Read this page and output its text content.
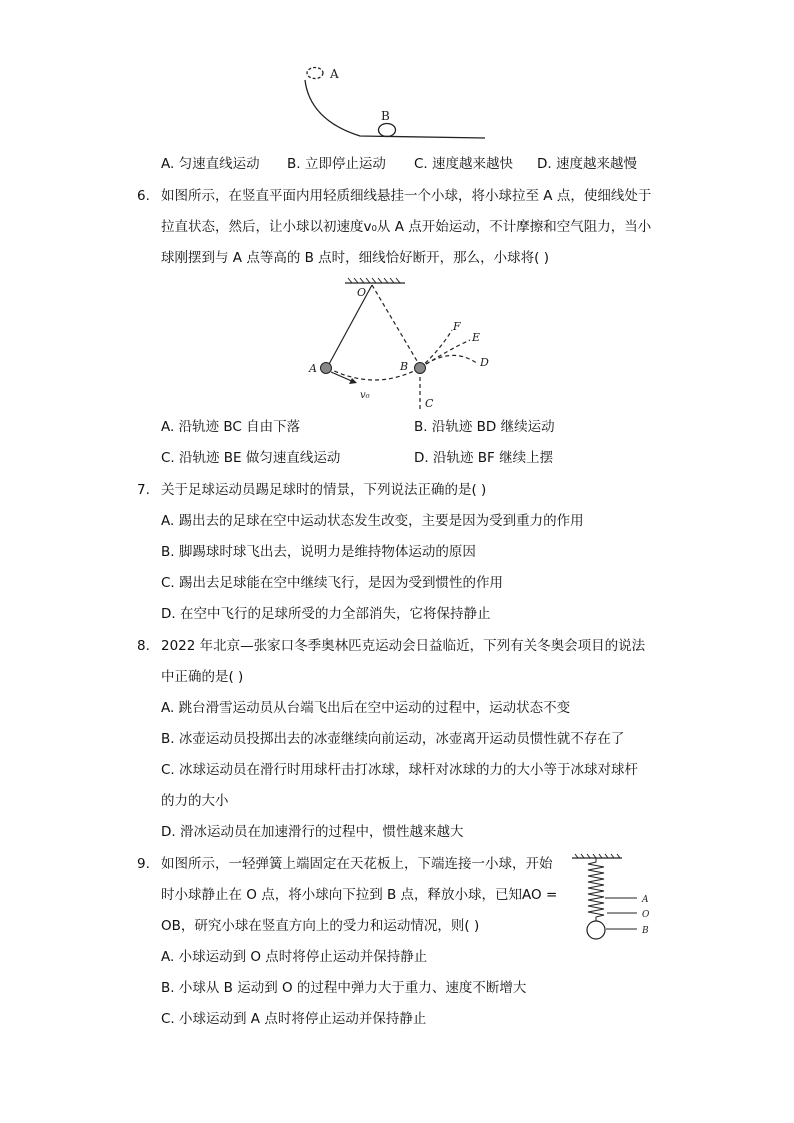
A
B
A. 匀速直线运动 B. 立即停止运动 C. 速度越来越快 D. 速度越来越慢
6. 如图所示，在竖直平面内用轻质细线悬挂一个小球，将小球拉至 A 点，使细线处于
拉直状态，然后，让小球以初速度v₀从 A 点开始运动，不计摩擦和空气阻力，当小
球刚摆到与 A 点等高的 B 点时，细线恰好断开，那么，小球将( )
O
A	B
C
D
E
F
v₀
A. 沿轨迹 BC 自由下落	B. 沿轨迹 BD 继续运动
C. 沿轨迹 BE 做匀速直线运动	D. 沿轨迹 BF 继续上摆
7. 关于足球运动员踢足球时的情景，下列说法正确的是( )
A. 踢出去的足球在空中运动状态发生改变，主要是因为受到重力的作用
B. 脚踢球时球飞出去，说明力是维持物体运动的原因
C. 踢出去足球能在空中继续飞行，是因为受到惯性的作用
D. 在空中飞行的足球所受的力全部消失，它将保持静止
8. 2022 年北京—张家口冬季奥林匹克运动会日益临近，下列有关冬奥会项目的说法
中正确的是( )
A. 跳台滑雪运动员从台端飞出后在空中运动的过程中，运动状态不变
B. 冰壶运动员投掷出去的冰壶继续向前运动，冰壶离开运动员惯性就不存在了
C. 冰球运动员在滑行时用球杆击打冰球，球杆对冰球的力的大小等于冰球对球杆
的力的大小
D. 滑冰运动员在加速滑行的过程中，惯性越来越大
9. 如图所示，一轻弹簧上端固定在天花板上，下端连接一小球，开始
时小球静止在 O 点，将小球向下拉到 B 点，释放小球，已知AO =
OB，研究小球在竖直方向上的受力和运动情况，则( )
A
O
B
A. 小球运动到 O 点时将停止运动并保持静止
B. 小球从 B 运动到 O 的过程中弹力大于重力、速度不断增大
C. 小球运动到 A 点时将停止运动并保持静止
